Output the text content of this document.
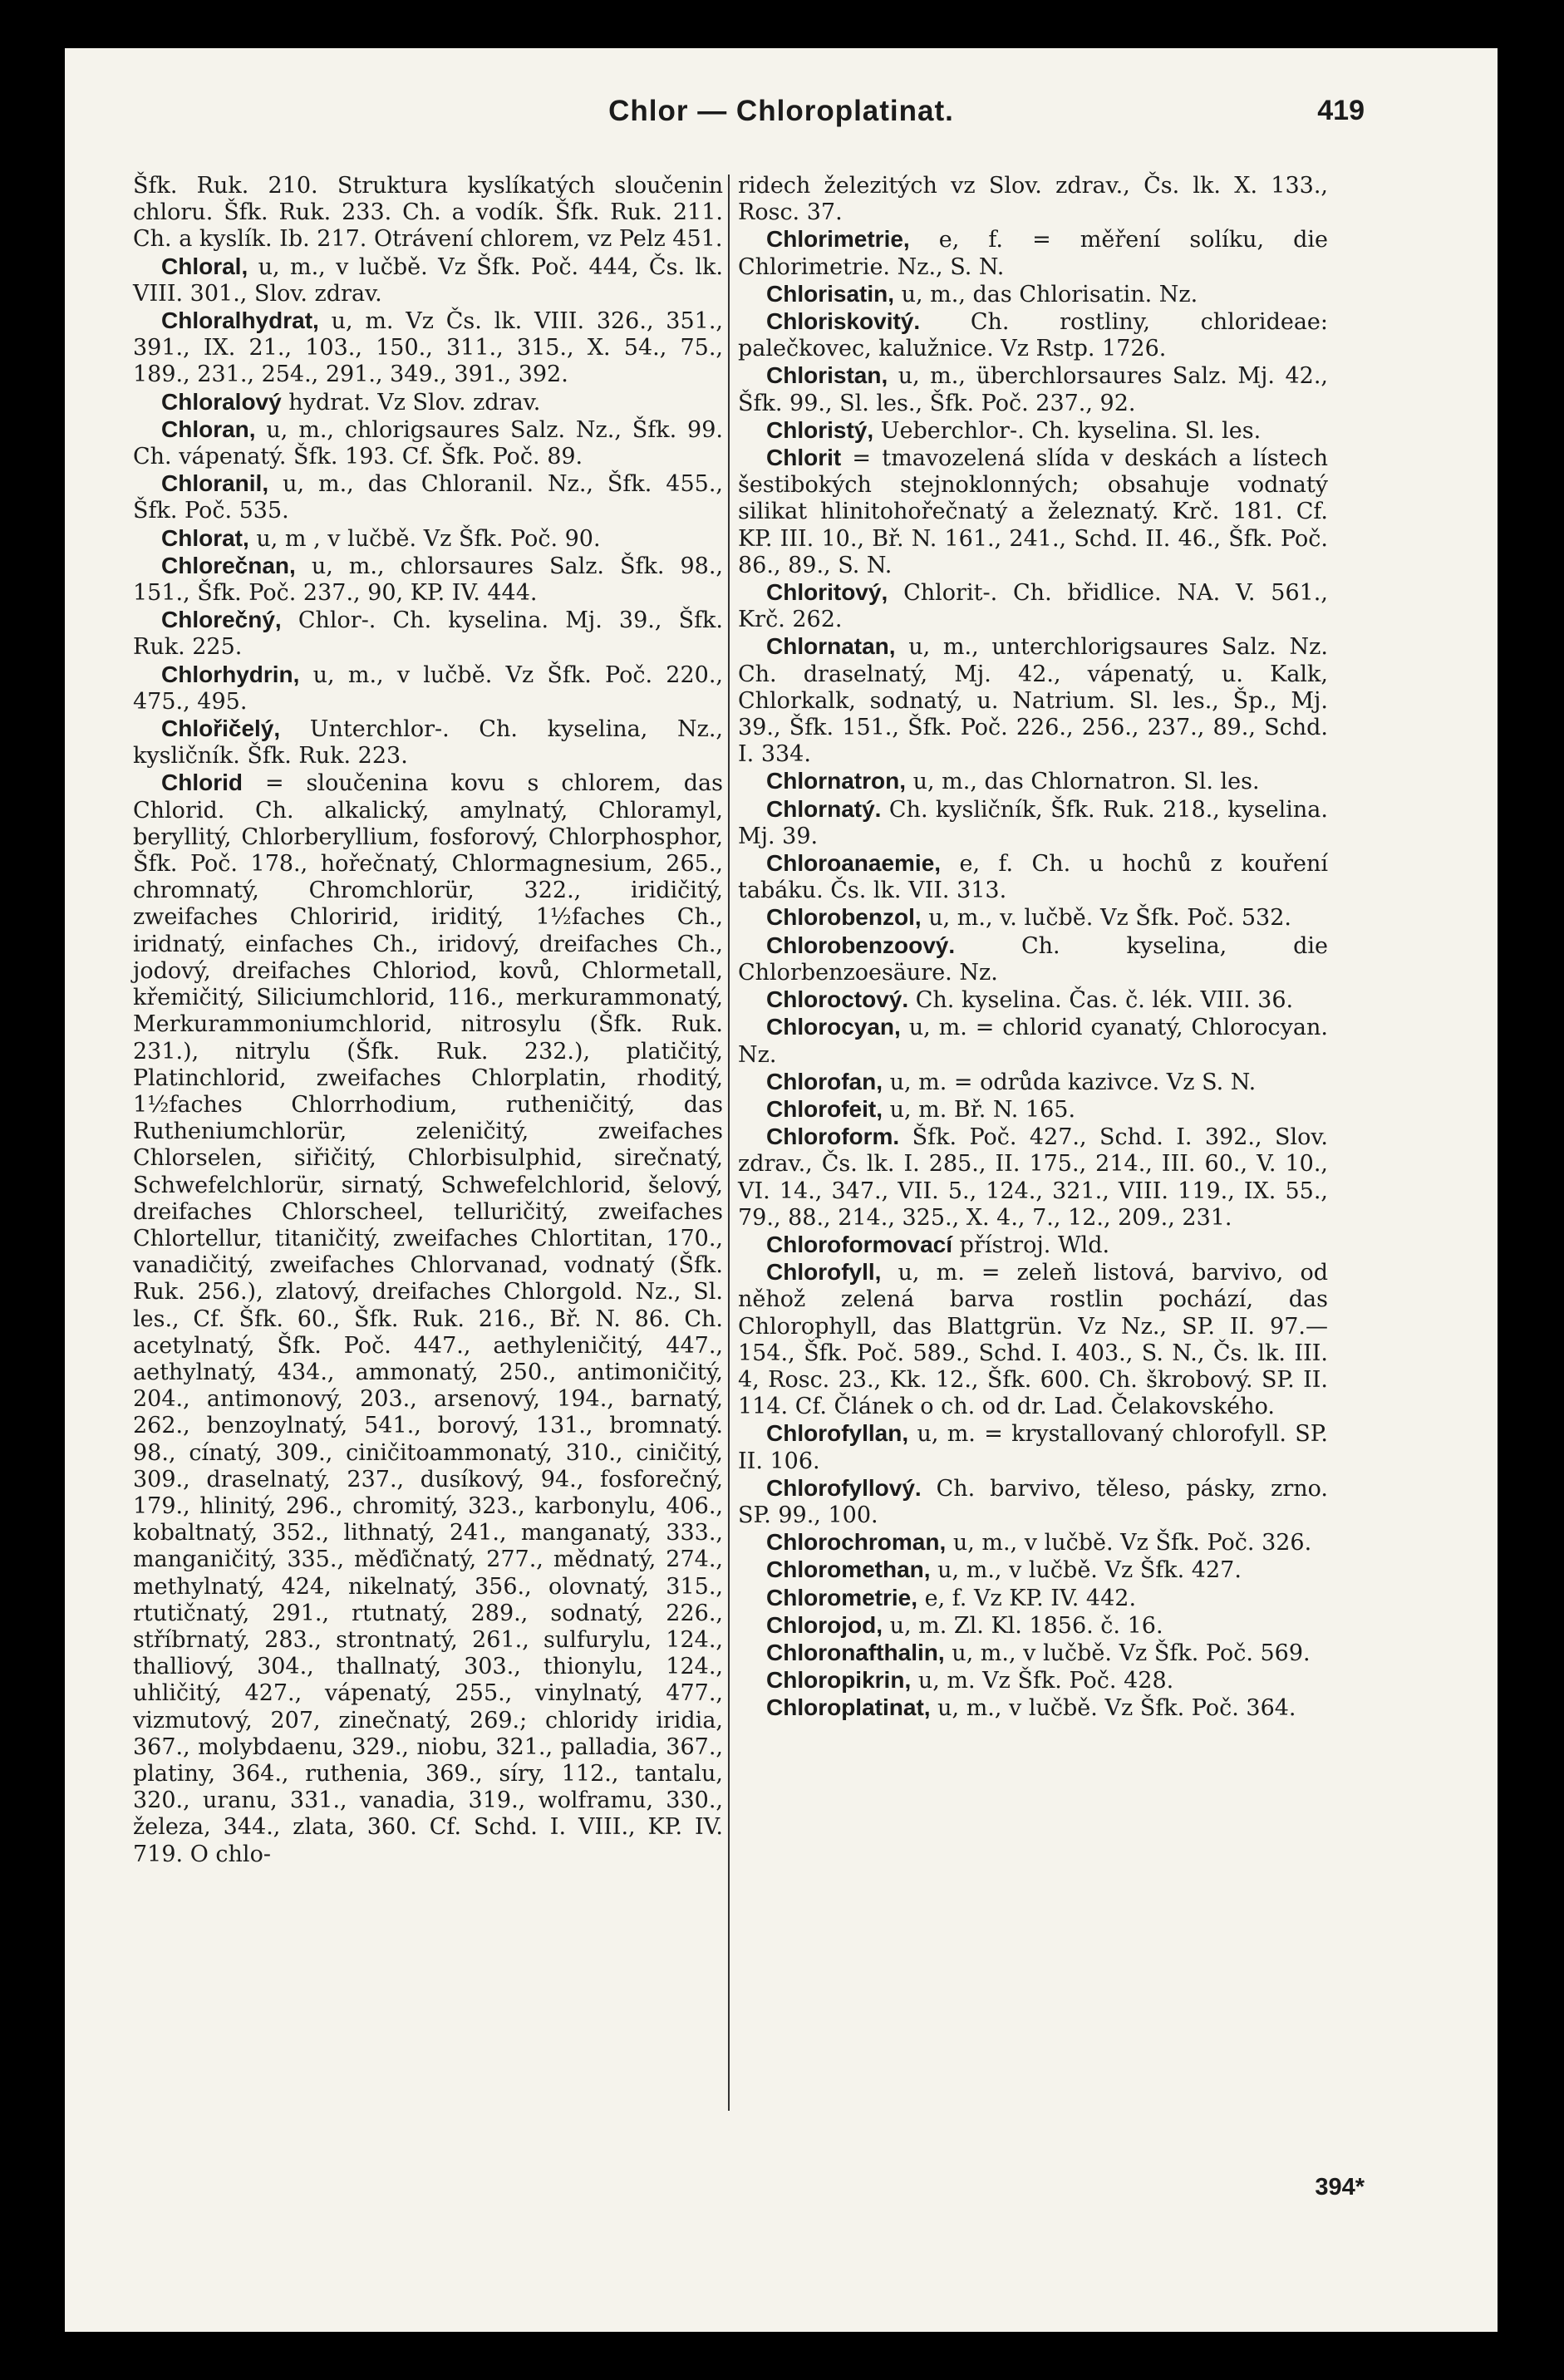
Chlor — Chloroplatinat.	419

Šfk. Ruk. 210. Struktura kyslíkatých sloučenin chloru. Šfk. Ruk. 233. Ch. a vodík. Šfk. Ruk. 211. Ch. a kyslík. Ib. 217. Otrávení chlorem, vz Pelz 451.

Chloral, u, m., v lučbě. Vz Šfk. Poč. 444, Čs. lk. VIII. 301., Slov. zdrav.

Chloralhydrat, u, m. Vz Čs. lk. VIII. 326., 351., 391., IX. 21., 103., 150., 311., 315., X. 54., 75., 189., 231., 254., 291., 349., 391., 392.

Chloralový hydrat. Vz Slov. zdrav.

Chloran, u, m., chlorigsaures Salz. Nz., Šfk. 99. Ch. vápenatý. Šfk. 193. Cf. Šfk. Poč. 89.

Chloranil, u, m., das Chloranil. Nz., Šfk. 455., Šfk. Poč. 535.

Chlorat, u, m , v lučbě. Vz Šfk. Poč. 90.

Chlorečnan, u, m., chlorsaures Salz. Šfk. 98., 151., Šfk. Poč. 237., 90, KP. IV. 444.

Chlorečný, Chlor-. Ch. kyselina. Mj. 39., Šfk. Ruk. 225.

Chlorhydrin, u, m., v lučbě. Vz Šfk. Poč. 220., 475., 495.

Chlořičelý, Unterchlor-. Ch. kyselina, Nz., kysličník. Šfk. Ruk. 223.

Chlorid = sloučenina kovu s chlorem, das Chlorid. Ch. alkalický, amylnatý, Chloramyl, beryllitý, Chlorberyllium, fosforový, Chlorphosphor, Šfk. Poč. 178., hořečnatý, Chlormagnesium, 265., chromnatý, Chromchlorür, 322., iridičitý, zweifaches Chloririd, iriditý, 1½faches Ch., iridnatý, einfaches Ch., iridový, dreifaches Ch., jodový, dreifaches Chloriod, kovů, Chlormetall, křemičitý, Siliciumchlorid, 116., merkurammonatý, Merkurammoniumchlorid, nitrosylu (Šfk. Ruk. 231.), nitrylu (Šfk. Ruk. 232.), platičitý, Platinchlorid, zweifaches Chlorplatin, rhoditý, 1½faches Chlorrhodium, rutheničitý, das Rutheniumchlorür, zeleničitý, zweifaches Chlorselen, siřičitý, Chlorbisulphid, sirečnatý, Schwefelchlorür, sirnatý, Schwefelchlorid, šelový, dreifaches Chlorscheel, telluričitý, zweifaches Chlortellur, titaničitý, zweifaches Chlortitan, 170., vanadičitý, zweifaches Chlorvanad, vodnatý (Šfk. Ruk. 256.), zlatový, dreifaches Chlorgold. Nz., Sl. les., Cf. Šfk. 60., Šfk. Ruk. 216., Bř. N. 86. Ch. acetylnatý, Šfk. Poč. 447., aethyleničitý, 447., aethylnatý, 434., ammonatý, 250., antimoničitý, 204., antimonový, 203., arsenový, 194., barnatý, 262., benzoylnatý, 541., borový, 131., bromnatý. 98., cínatý, 309., ciničitoammonatý, 310., ciničitý, 309., draselnatý, 237., dusíkový, 94., fosforečný, 179., hlinitý, 296., chromitý, 323., karbonylu, 406., kobaltnatý, 352., lithnatý, 241., manganatý, 333., manganičitý, 335., měďičnatý, 277., mědnatý, 274., methylnatý, 424, nikelnatý, 356., olovnatý, 315., rtutičnatý, 291., rtutnatý, 289., sodnatý, 226., stříbrnatý, 283., strontnatý, 261., sulfurylu, 124., thalliový, 304., thallnatý, 303., thionylu, 124., uhličitý, 427., vápenatý, 255., vinylnatý, 477., vizmutový, 207, zinečnatý, 269.; chloridy iridia, 367., molybdaenu, 329., niobu, 321., palladia, 367., platiny, 364., ruthenia, 369., síry, 112., tantalu, 320., uranu, 331., vanadia, 319., wolframu, 330., železa, 344., zlata, 360. Cf. Schd. I. VIII., KP. IV. 719. O chlo-

ridech železitých vz Slov. zdrav., Čs. lk. X. 133., Rosc. 37.

Chlorimetrie, e, f. = měření solíku, die Chlorimetrie. Nz., S. N.

Chlorisatin, u, m., das Chlorisatin. Nz.

Chloriskovitý. Ch. rostliny, chlorideae: palečkovec, kalužnice. Vz Rstp. 1726.

Chloristan, u, m., überchlorsaures Salz. Mj. 42., Šfk. 99., Sl. les., Šfk. Poč. 237., 92.

Chloristý, Ueberchlor-. Ch. kyselina. Sl. les.

Chlorit = tmavozelená slída v deskách a lístech šestibokých stejnoklonných; obsahuje vodnatý silikat hlinitohořečnatý a železnatý. Krč. 181. Cf. KP. III. 10., Bř. N. 161., 241., Schd. II. 46., Šfk. Poč. 86., 89., S. N.

Chloritový, Chlorit-. Ch. břidlice. NA. V. 561., Krč. 262.

Chlornatan, u, m., unterchlorigsaures Salz. Nz. Ch. draselnatý, Mj. 42., vápenatý, u. Kalk, Chlorkalk, sodnatý, u. Natrium. Sl. les., Šp., Mj. 39., Šfk. 151., Šfk. Poč. 226., 256., 237., 89., Schd. I. 334.

Chlornatron, u, m., das Chlornatron. Sl. les.

Chlornatý. Ch. kysličník, Šfk. Ruk. 218., kyselina. Mj. 39.

Chloroanaemie, e, f. Ch. u hochů z kouření tabáku. Čs. lk. VII. 313.

Chlorobenzol, u, m., v. lučbě. Vz Šfk. Poč. 532.

Chlorobenzoový.	Ch. kyselina, die Chlorbenzoesäure. Nz.

Chloroctový. Ch. kyselina. Čas. č. lék. VIII. 36.

Chlorocyan, u, m. = chlorid cyanatý, Chlorocyan. Nz.

Chlorofan, u, m. = odrůda kazivce. Vz S. N.

Chlorofeit, u, m. Bř. N. 165.

Chloroform. Šfk. Poč. 427., Schd. I. 392., Slov. zdrav., Čs. lk. I. 285., II. 175., 214., III. 60., V. 10., VI. 14., 347., VII. 5., 124., 321., VIII. 119., IX. 55., 79., 88., 214., 325., X. 4., 7., 12., 209., 231.

Chloroformovací přístroj. Wld.

Chlorofyll, u, m. = zeleň listová, barvivo, od něhož zelená barva rostlin pochází, das Chlorophyll, das Blattgrün. Vz Nz., SP. II. 97.—154., Šfk. Poč. 589., Schd. I. 403., S. N., Čs. lk. III. 4, Rosc. 23., Kk. 12., Šfk. 600. Ch. škrobový. SP. II. 114. Cf. Článek o ch. od dr. Lad. Čelakovského.

Chlorofyllan, u, m. = krystallovaný chlorofyll. SP. II. 106.

Chlorofyllový. Ch. barvivo, těleso, pásky, zrno. SP. 99., 100.

Chlorochroman, u, m., v lučbě. Vz Šfk. Poč. 326.

Chloromethan, u, m., v lučbě. Vz Šfk. 427.

Chlorometrie, e, f. Vz KP. IV. 442.

Chlorojod, u, m. Zl. Kl. 1856. č. 16.

Chloronafthalin, u, m., v lučbě. Vz Šfk. Poč. 569.

Chloropikrin, u, m. Vz Šfk. Poč. 428.

Chloroplatinat, u, m., v lučbě. Vz Šfk. Poč. 364.

394*
